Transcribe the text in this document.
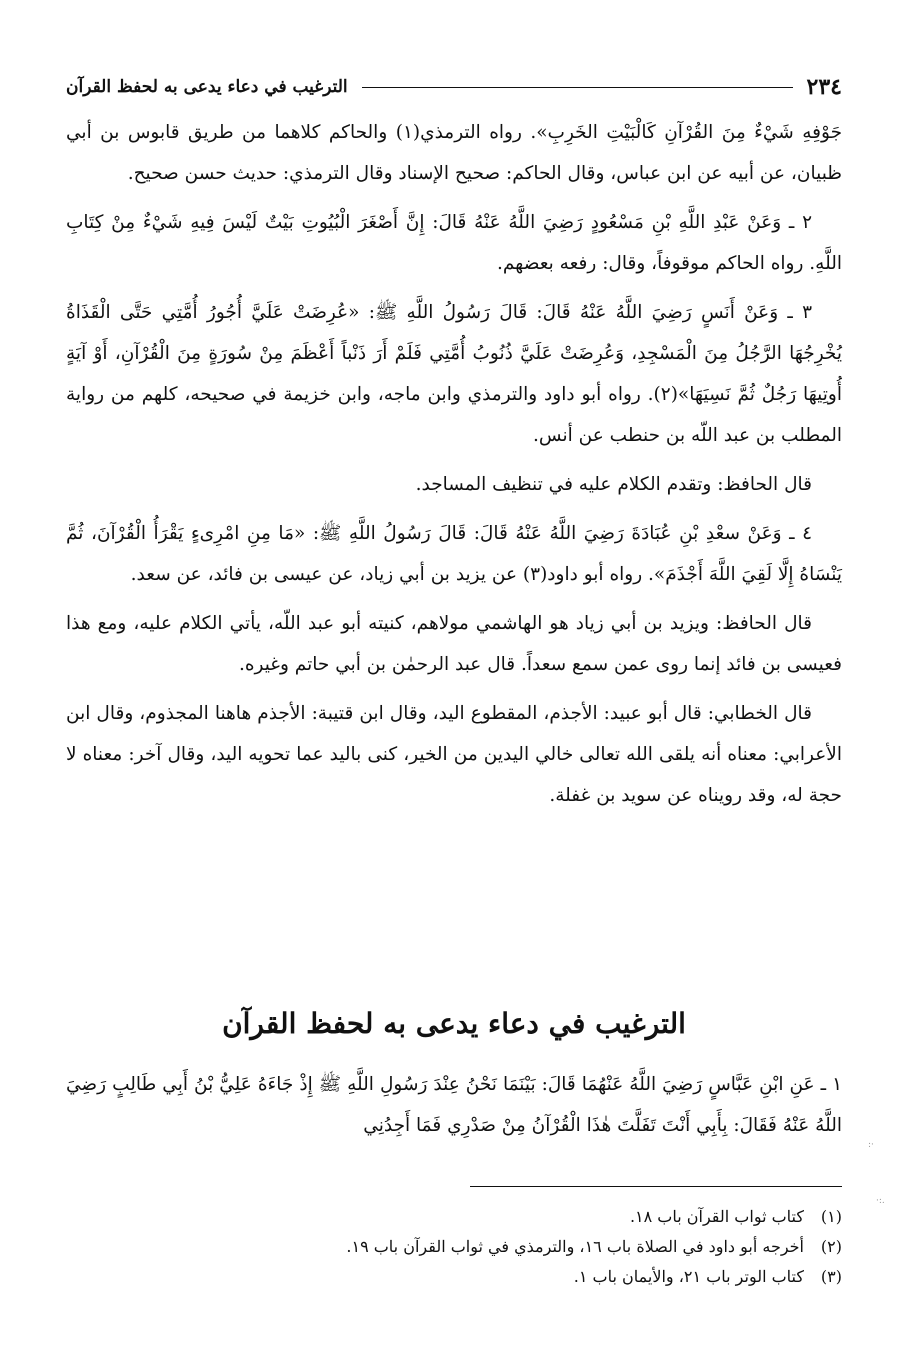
٢٣٤
الترغيب في دعاء يدعى به لحفظ القرآن

جَوْفِهِ شَيْءٌ مِنَ القُرْآنِ كَالْبَيْتِ الخَرِبِ». رواه الترمذي(١) والحاكم كلاهما من طريق قابوس بن أبي ظبيان، عن أبيه عن ابن عباس، وقال الحاكم: صحيح الإسناد وقال الترمذي: حديث حسن صحيح.

٢ ـ وَعَنْ عَبْدِ اللَّهِ بْنِ مَسْعُودٍ رَضِيَ اللَّهُ عَنْهُ قَالَ: إِنَّ أَصْغَرَ الْبُيُوتِ بَيْتٌ لَيْسَ فِيهِ شَيْءٌ مِنْ كِتَابِ اللَّهِ. رواه الحاكم موقوفاً، وقال: رفعه بعضهم.

٣ ـ وَعَنْ أَنَسٍ رَضِيَ اللَّهُ عَنْهُ قَالَ: قَالَ رَسُولُ اللَّهِ ﷺ: «عُرِضَتْ عَلَيَّ أُجُورُ أُمَّتِي حَتَّى الْقَذَاةُ يُخْرِجُهَا الرَّجُلُ مِنَ الْمَسْجِدِ، وَعُرِضَتْ عَلَيَّ ذُنُوبُ أُمَّتِي فَلَمْ أَرَ ذَنْباً أَعْظَمَ مِنْ سُورَةٍ مِنَ الْقُرْآنِ، أَوْ آيَةٍ أُوتِيهَا رَجُلٌ ثُمَّ نَسِيَهَا»(٢). رواه أبو داود والترمذي وابن ماجه، وابن خزيمة في صحيحه، كلهم من رواية المطلب بن عبد اللّه بن حنطب عن أنس.

قال الحافظ: وتقدم الكلام عليه في تنظيف المساجد.

٤ ـ وَعَنْ سعْدِ بْنِ عُبَادَةَ رَضِيَ اللَّهُ عَنْهُ قَالَ: قَالَ رَسُولُ اللَّهِ ﷺ: «مَا مِنِ امْرِىءٍ يَقْرَأُ الْقُرْآنَ، ثُمَّ يَنْسَاهُ إِلَّا لَقِيَ اللَّهَ أَجْذَمَ». رواه أبو داود(٣) عن يزيد بن أبي زياد، عن عيسى بن فائد، عن سعد.

قال الحافظ: ويزيد بن أبي زياد هو الهاشمي مولاهم، كنيته أبو عبد اللّه، يأتي الكلام عليه، ومع هذا فعيسى بن فائد إنما روى عمن سمع سعداً. قال عبد الرحمٰن بن أبي حاتم وغيره.

قال الخطابي: قال أبو عبيد: الأجذم، المقطوع اليد، وقال ابن قتيبة: الأجذم هاهنا المجذوم، وقال ابن الأعرابي: معناه أنه يلقى الله تعالى خالي اليدين من الخير، كنى باليد عما تحويه اليد، وقال آخر: معناه لا حجة له، وقد رويناه عن سويد بن غفلة.

الترغيب في دعاء يدعى به لحفظ القرآن

١ ـ عَنِ ابْنِ عَبَّاسٍ رَضِيَ اللَّهُ عَنْهُمَا قَالَ: بَيْنَمَا نَحْنُ عِنْدَ رَسُولِ اللَّهِ ﷺ إِذْ جَاءَهُ عَلِيُّ بْنُ أَبِي طَالِبٍ رَضِيَ اللَّهُ عَنْهُ فَقَالَ: بِأَبِي أَنْتَ تَفَلَّتَ هٰذَا الْقُرْآنُ مِنْ صَدْرِي فَمَا أَجِدُنِي

(١)
كتاب ثواب القرآن باب ١٨.
(٢)
أخرجه أبو داود في الصلاة باب ١٦، والترمذي في ثواب القرآن باب ١٩.
(٣)
كتاب الوتر باب ٢١، والأيمان باب ١.
·:
.:·
